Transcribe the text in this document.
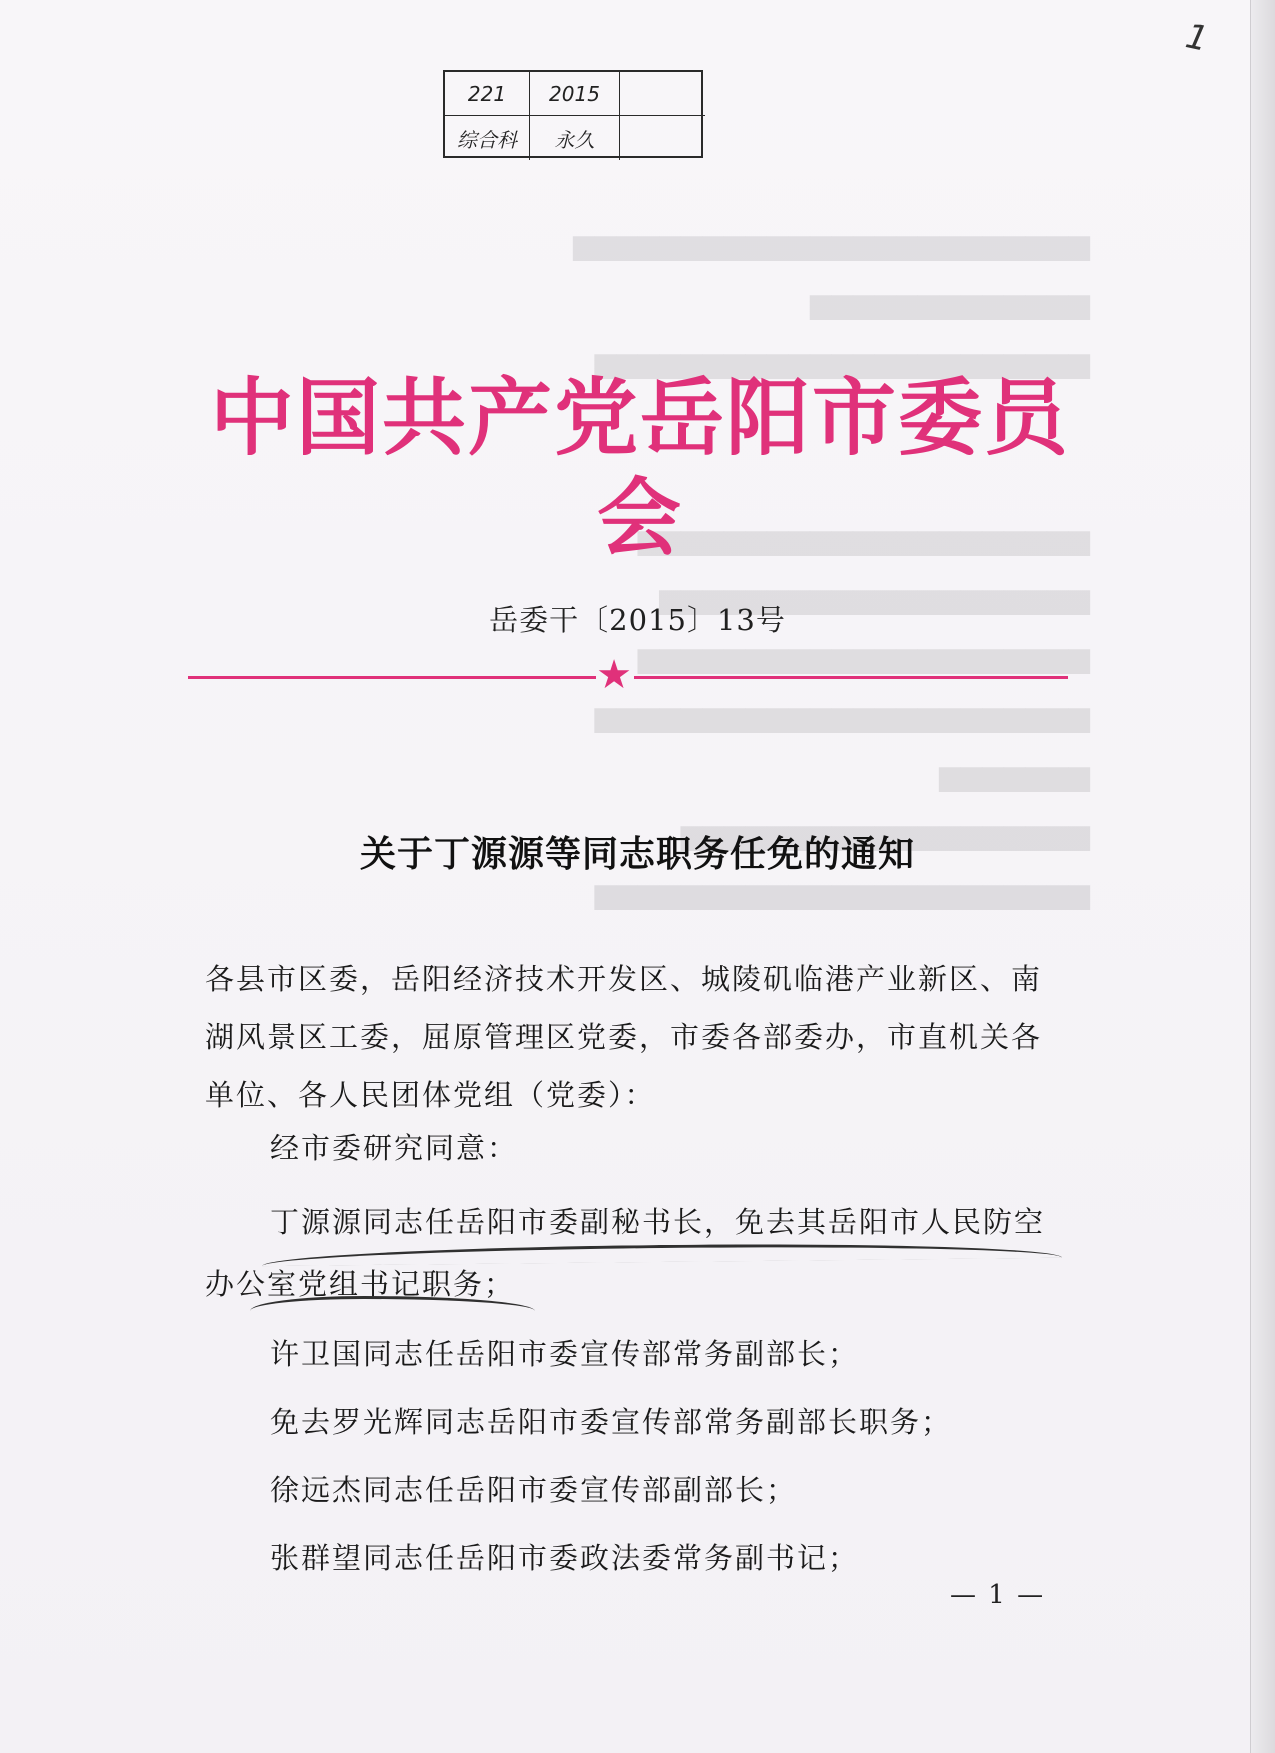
▆▆▆▆▆▆▆▆▆▆▆▆▆▆▆▆▆▆▆▆▆▆▆▆
▆▆▆▆▆▆▆▆▆▆▆▆▆
▆▆▆▆▆▆▆▆▆▆▆▆▆▆▆▆▆▆▆▆▆▆▆

▆▆▆▆▆▆▆▆▆▆▆▆▆▆▆▆▆▆▆▆▆
▆▆▆▆▆▆▆▆▆▆▆▆▆▆▆▆▆▆▆▆
▆▆▆▆▆▆▆▆▆▆▆▆▆▆▆▆▆▆▆▆▆
▆▆▆▆▆▆▆▆▆▆▆▆▆▆▆▆▆▆▆▆▆▆▆
▆▆▆▆▆▆▆
▆▆▆▆▆▆▆▆▆▆▆▆▆▆▆▆▆▆▆
▆▆▆▆▆▆▆▆▆▆▆▆▆▆▆▆▆▆▆▆▆▆▆
1
221	2015
综合科	永久
中国共产党岳阳市委员会
岳委干〔2015〕13号
★
关于丁源源等同志职务任免的通知
各县市区委，岳阳经济技术开发区、城陵矶临港产业新区、南湖风景区工委，屈原管理区党委，市委各部委办，市直机关各单位、各人民团体党组（党委）：
经市委研究同意：
丁源源同志任岳阳市委副秘书长，免去其岳阳市人民防空
办公室党组书记职务；
许卫国同志任岳阳市委宣传部常务副部长；
免去罗光辉同志岳阳市委宣传部常务副部长职务；
徐远杰同志任岳阳市委宣传部副部长；
张群望同志任岳阳市委政法委常务副书记；
— 1 —
